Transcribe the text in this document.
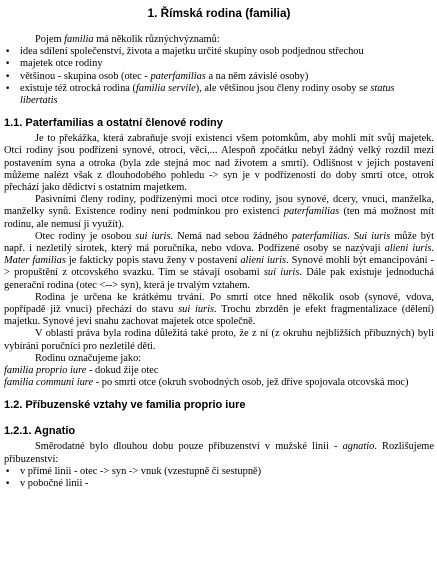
1. Římská rodina (familia)

Pojem familia má několik různýchvýznamů:

• idea sdílení společenství, života a majetku určité skupiny osob podjednou střechou
• majetek otce rodiny
• většinou - skupina osob (otec - paterfamilias a na něm závislé osoby)
• existuje též otrocká rodina (familia servile), ale většinou jsou členy rodiny osoby se status libertatis
1.1. Paterfamilias a ostatní členové rodiny

Je to překážka, která zabraňuje svojí existencí všem potomkům, aby mohli mít svůj majetek. Otci rodiny jsou podřízeni synové, otroci, věci,... Alespoň zpočátku nebyl žádný velký rozdíl mezi postavením syna a otroka (byla zde stejná moc nad životem a smrtí). Odlišnost v jejich postavení můžeme nalézt však z dlouhodobého pohledu -> syn je v podřízenosti do doby smrti otce, otrok přechází jako dědictví s ostatním majetkem.

Pasivními členy rodiny, podřízenými moci otce rodiny, jsou synové, dcery, vnuci, manželka, manželky synů. Existence rodiny není podmínkou pro existenci paterfamilias (ten má možnost mít rodinu, ale nemusí ji využít).

Otec rodiny je osobou sui iuris. Nemá nad sebou žádného paterfamilias. Sui iuris může být např. i nezletilý sirotek, který má poručníka, nebo vdova. Podřízené osoby se nazývají alieni iuris. Mater familias je fakticky popis stavu ženy v postavení alieni iuris. Synové mohli být emancipováni -> propuštění z otcovského svazku. Tím se stávají osobami sui iuris. Dále pak existuje jednoduchá generační rodina (otec <--> syn), která je trvalým vztahem.

Rodina je určena ke krátkému trvání. Po smrti otce hned několik osob (synové, vdova, popřípadě již vnuci) přechází do stavu sui iuris. Trochu zbrzděn je efekt fragmentalizace (dělení) majetku. Synové jevi snahu zachovat majetek otce společně.

V oblasti práva byla rodina důležitá také proto, že z ní (z okruhu nejbližších příbuzných) byli vybíráni poručníci pro nezletilé děti.

Rodinu označujeme jako:

familia proprio iure - dokud žije otec

familia communi iure - po smrti otce (okruh svobodných osob, jež dříve spojovala otcovská moc)

1.2. Příbuzenské vztahy ve familia proprio iure
1.2.1. Agnatio

Směrodatné bylo dlouhou dobu pouze příbuzenství v mužské linii - agnatio. Rozlišujeme příbuzenství:

• v přímé linii - otec -> syn -> vnuk (vzestupně či sestupně)
• v pobočné linii -
